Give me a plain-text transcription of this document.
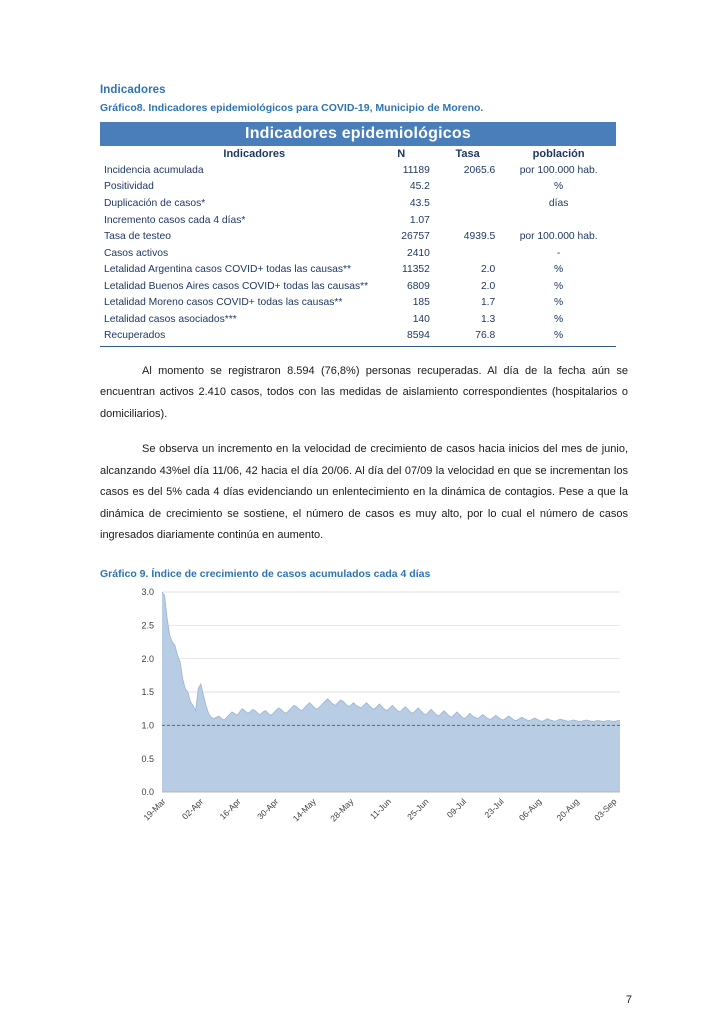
Indicadores
Gráfico8. Indicadores epidemiológicos para COVID-19, Municipio de Moreno.
Indicadores epidemiológicos			
Indicadores	N	Tasa	población
Incidencia acumulada	11189	2065.6	por 100.000 hab.
Positividad	45.2		%
Duplicación de casos*	43.5		días
Incremento casos cada 4 días*	1.07		
Tasa de testeo	26757	4939.5	por 100.000 hab.
Casos activos	2410		-
Letalidad Argentina casos COVID+ todas las causas**	11352	2.0	%
Letalidad Buenos Aires casos COVID+ todas las causas**	6809	2.0	%
Letalidad Moreno casos COVID+ todas las causas**	185	1.7	%
Letalidad casos asociados***	140	1.3	%
Recuperados	8594	76.8	%

Al momento se registraron 8.594 (76,8%) personas recuperadas. Al día de la fecha aún se encuentran activos 2.410 casos, todos con las medidas de aislamiento correspondientes (hospitalarios o domiciliarios).

Se observa un incremento en la velocidad de crecimiento de casos hacia inicios del mes de junio, alcanzando 43%el día 11/06, 42 hacia el día 20/06. Al día del 07/09 la velocidad en que se incrementan los casos es del 5% cada 4 días evidenciando un enlentecimiento en la dinámica de contagios. Pese a que la dinámica de crecimiento se sostiene, el número de casos es muy alto, por lo cual el número de casos ingresados diariamente continúa en aumento.

Gráfico 9. Índice de crecimiento de casos acumulados cada 4 días
0.0
0.5
1.0
1.5
2.0
2.5
3.0
19-Mar 02-Apr 16-Apr 30-Apr 14-May 28-May 11-Jun 25-Jun 09-Jul 23-Jul 06-Aug 20-Aug 03-Sep
7
